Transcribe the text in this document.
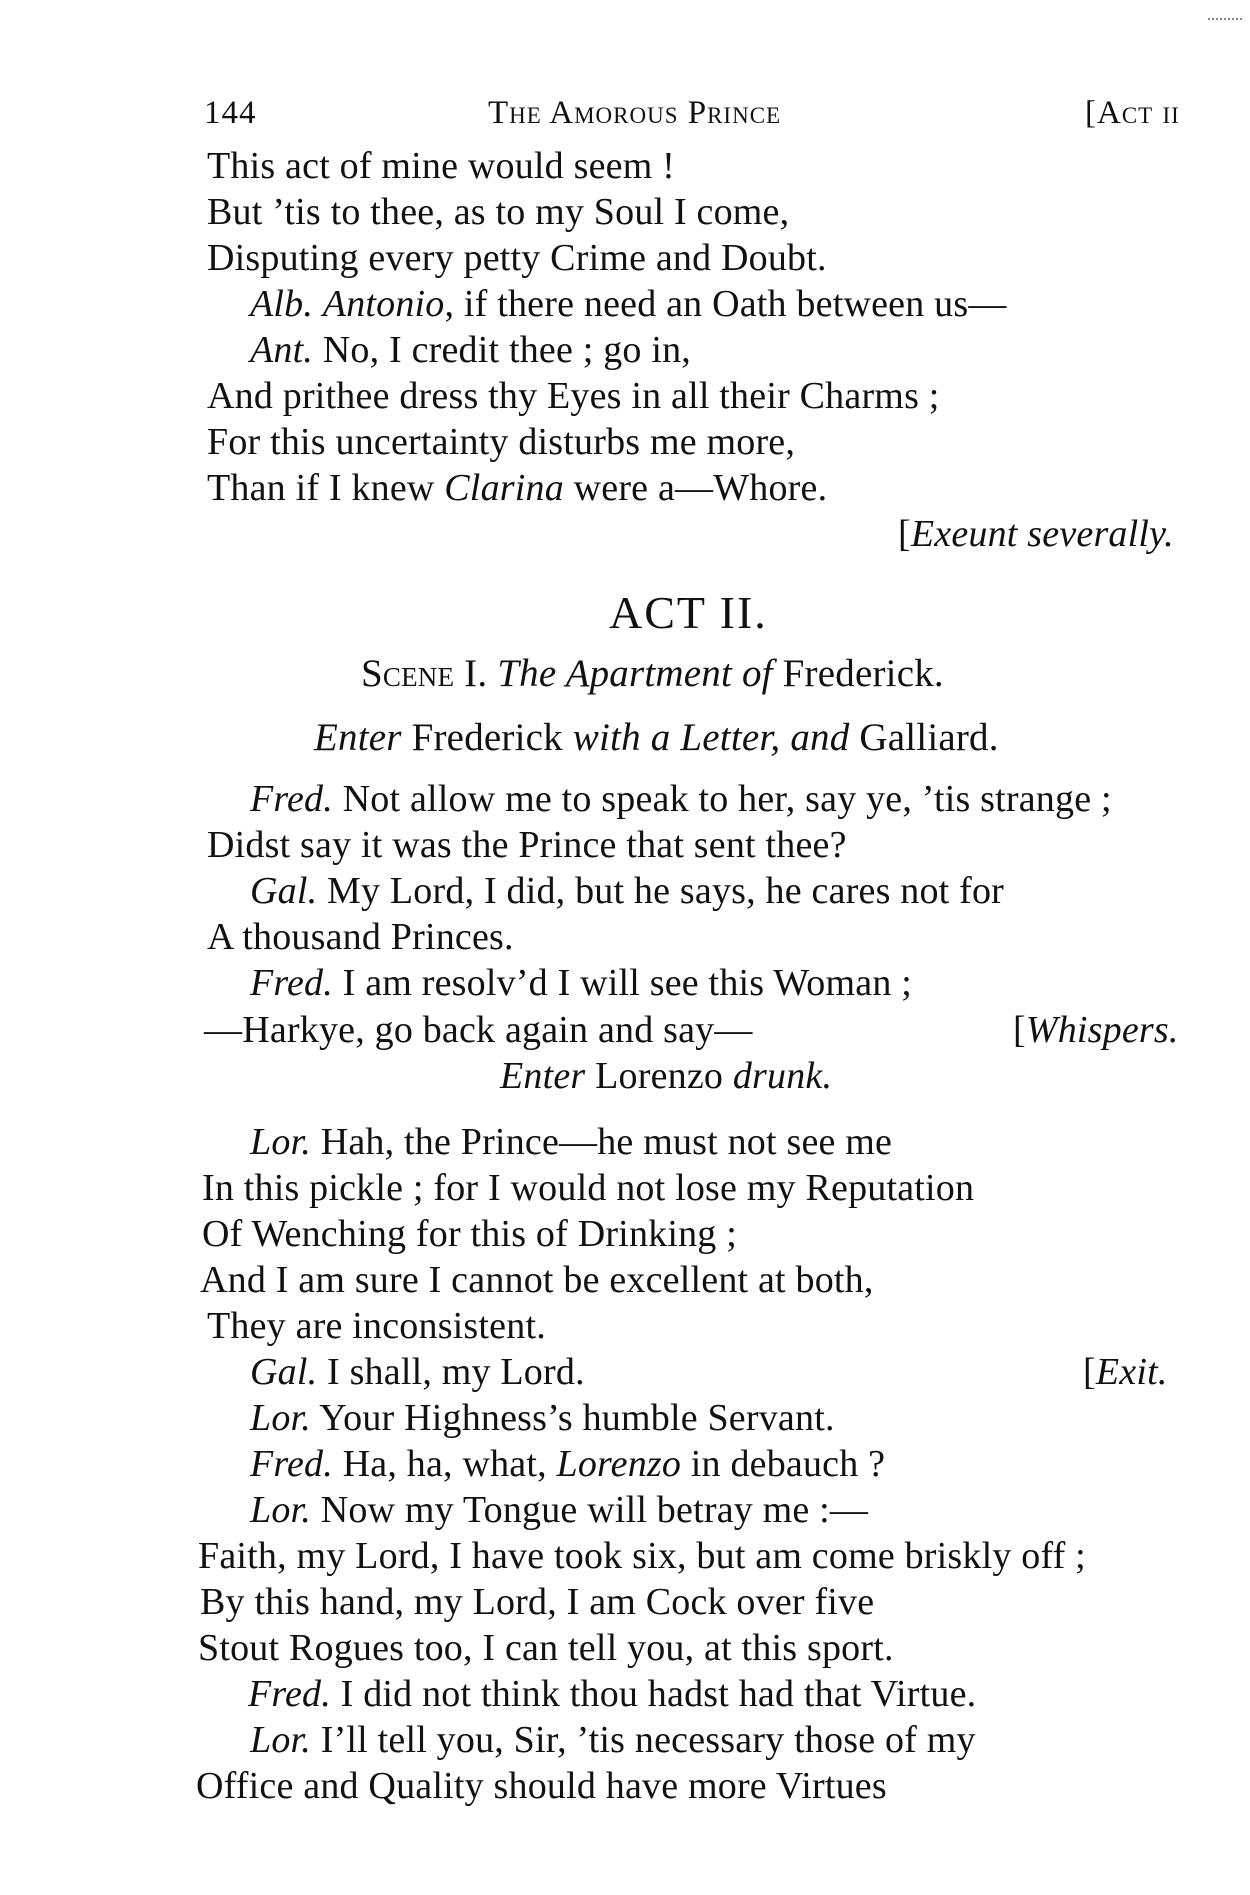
144	The Amorous Prince	[Act ii
This act of mine would seem !
But ’tis to thee, as to my Soul I come,
Disputing every petty Crime and Doubt.
Alb. Antonio, if there need an Oath between us—
Ant. No, I credit thee ; go in,
And prithee dress thy Eyes in all their Charms ;
For this uncertainty disturbs me more,
Than if I knew Clarina were a—Whore.
[Exeunt severally.
Fred. Not allow me to speak to her, say ye, ’tis strange ;
Didst say it was the Prince that sent thee?
Gal. My Lord, I did, but he says, he cares not for
A thousand Princes.
Fred. I am resolv’d I will see this Woman ;
—Harkye, go back again and say—	[Whispers.
Enter Lorenzo drunk.
Lor. Hah, the Prince—he must not see me
In this pickle ; for I would not lose my Reputation
Of Wenching for this of Drinking ;
And I am sure I cannot be excellent at both,
They are inconsistent.
Gal. I shall, my Lord.	[Exit.
Lor. Your Highness’s humble Servant.
Fred. Ha, ha, what, Lorenzo in debauch ?
Lor. Now my Tongue will betray me :—
Faith, my Lord, I have took six, but am come briskly off ;
By this hand, my Lord, I am Cock over five
Stout Rogues too, I can tell you, at this sport.
Fred. I did not think thou hadst had that Virtue.
Lor. I’ll tell you, Sir, ’tis necessary those of my
Office and Quality should have more Virtues
ACT II.
Scene I. The Apartment of Frederick.
Enter Frederick with a Letter, and Galliard.
